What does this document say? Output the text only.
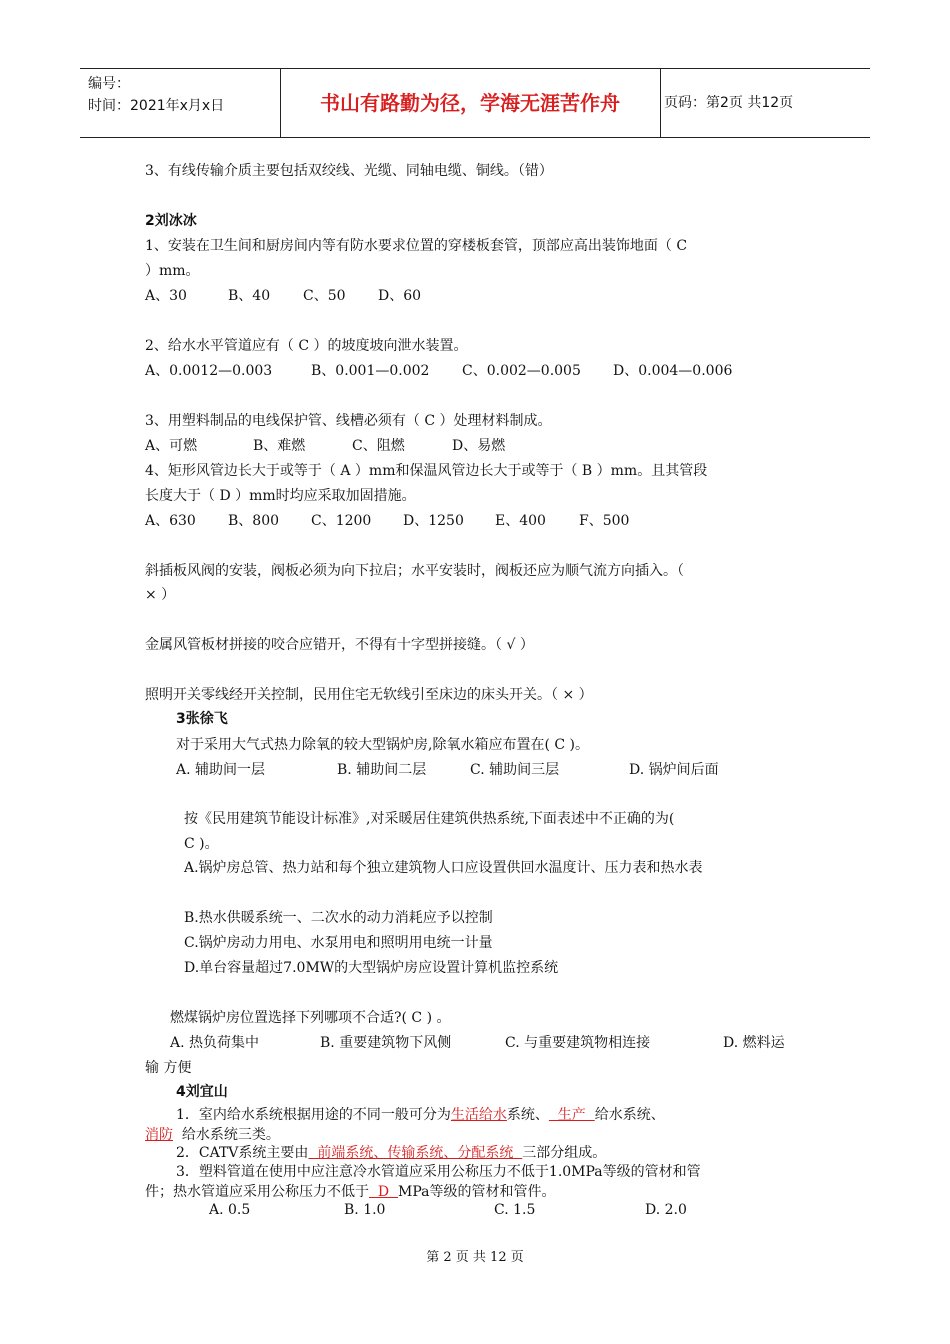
编号：
时间：2021年x月x日	书山有路勤为径，学海无涯苦作舟	页码：第2页 共12页
3、有线传输介质主要包括双绞线、光缆、同轴电缆、铜线。（错）
2刘冰冰
1、安装在卫生间和厨房间内等有防水要求位置的穿楼板套管，顶部应高出装饰地面（ C
）mm。
A、30	B、40 C、50 D、60
2、给水水平管道应有（ C ）的坡度坡向泄水装置。
A、0.0012—0.003	B、0.001—0.002 C、0.002—0.005 D、0.004—0.006
3、用塑料制品的电线保护管、线槽必须有（ C ）处理材料制成。
A、可燃	B、难燃	C、阻燃	D、易燃
4、矩形风管边长大于或等于（ A ）mm和保温风管边长大于或等于（ B ）mm。且其管段
长度大于（ D ）mm时均应采取加固措施。
A、630 B、800 C、1200 D、1250 E、400 F、500
斜插板风阀的安装，阀板必须为向下拉启；水平安装时，阀板还应为顺气流方向插入。（
× ）
金属风管板材拼接的咬合应错开，不得有十字型拼接缝。（ √ ）
照明开关零线经开关控制，民用住宅无软线引至床边的床头开关。（ × ）
3张徐飞
对于采用大气式热力除氧的较大型锅炉房,除氧水箱应布置在( C )。
A. 辅助间一层	B. 辅助间二层	C. 辅助间三层	D. 锅炉间后面
按《民用建筑节能设计标准》,对采暖居住建筑供热系统,下面表述中不正确的为(
C )。
A.锅炉房总管、热力站和每个独立建筑物人口应设置供回水温度计、压力表和热水表
B.热水供暖系统一、二次水的动力消耗应予以控制
C.锅炉房动力用电、水泵用电和照明用电统一计量
D.单台容量超过7.0MW的大型锅炉房应设置计算机监控系统
燃煤锅炉房位置选择下列哪项不合适?( C ) 。
A. 热负荷集中	B. 重要建筑物下风侧	C. 与重要建筑物相连接	D. 燃料运
输 方便
4刘宜山
1．室内给水系统根据用途的不同一般可分为生活给水系统、  生产  给水系统、
消防  给水系统三类。
2．CATV系统主要由  前端系统、传输系统、分配系统  三部分组成。
3．塑料管道在使用中应注意冷水管道应采用公称压力不低于1.0MPa等级的管材和管
件；热水管道应采用公称压力不低于  D  MPa等级的管材和管件。
A. 0.5	B. 1.0	C. 1.5	D. 2.0
第 2 页 共 12 页
